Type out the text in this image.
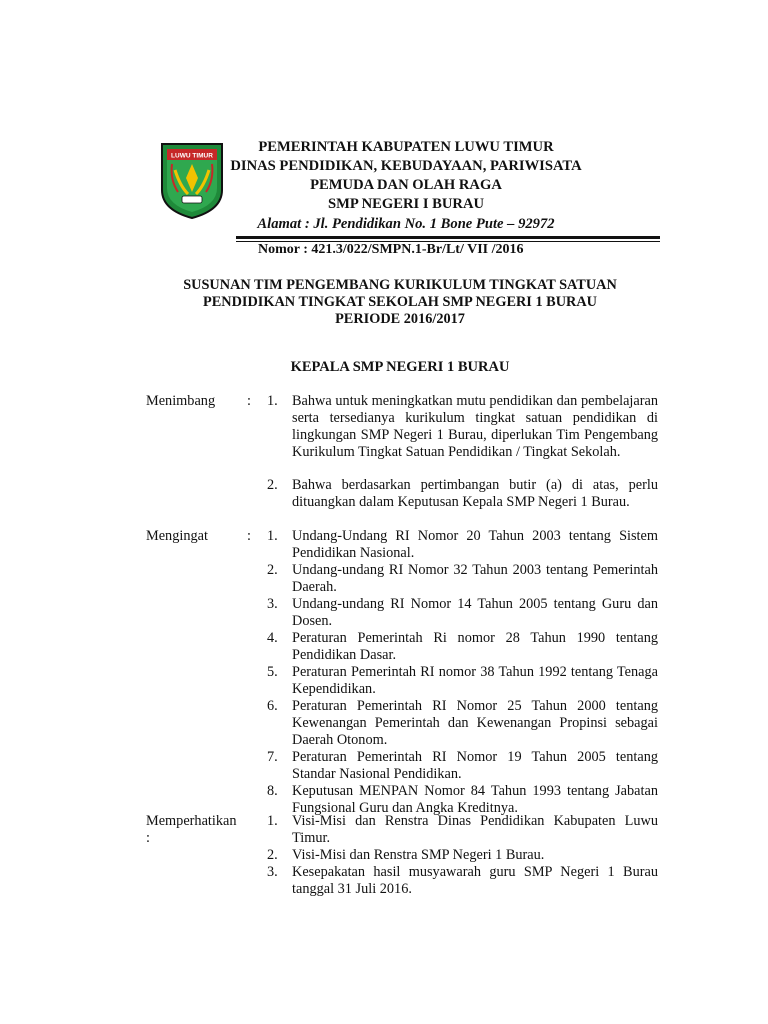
LUWU TIMUR
PEMERINTAH KABUPATEN LUWU TIMUR
DINAS PENDIDIKAN, KEBUDAYAAN, PARIWISATA
PEMUDA DAN OLAH RAGA
SMP NEGERI I BURAU
Alamat : Jl. Pendidikan No. 1 Bone Pute – 92972
Nomor : 421.3/022/SMPN.1-Br/Lt/ VII /2016
SUSUNAN TIM PENGEMBANG KURIKULUM TINGKAT SATUAN
PENDIDIKAN TINGKAT SEKOLAH SMP NEGERI 1 BURAU
PERIODE 2016/2017
KEPALA SMP NEGERI 1 BURAU
Menimbang	: 1. Bahwa untuk meningkatkan mutu pendidikan dan pembelajaran serta tersedianya kurikulum tingkat satuan pendidikan di lingkungan SMP Negeri 1 Burau, diperlukan Tim Pengembang Kurikulum Tingkat Satuan Pendidikan / Tingkat Sekolah.
2. Bahwa berdasarkan pertimbangan butir (a) di atas, perlu dituangkan dalam Keputusan Kepala SMP Negeri 1 Burau.
Mengingat	: 1. Undang-Undang RI Nomor 20 Tahun 2003 tentang Sistem Pendidikan Nasional.
2. Undang-undang RI Nomor 32 Tahun 2003 tentang Pemerintah Daerah.
3. Undang-undang RI Nomor 14 Tahun 2005 tentang Guru dan Dosen.
4. Peraturan Pemerintah Ri nomor 28 Tahun 1990 tentang Pendidikan Dasar.
5. Peraturan Pemerintah RI nomor 38 Tahun 1992 tentang Tenaga Kependidikan.
6. Peraturan Pemerintah RI Nomor 25 Tahun 2000 tentang Kewenangan Pemerintah dan Kewenangan Propinsi sebagai Daerah Otonom.
7. Peraturan Pemerintah RI Nomor 19 Tahun 2005 tentang Standar Nasional Pendidikan.
8. Keputusan MENPAN Nomor 84 Tahun 1993 tentang Jabatan Fungsional Guru dan Angka Kreditnya.
Memperhatikan :
1. Visi-Misi dan Renstra Dinas Pendidikan Kabupaten Luwu Timur.
2. Visi-Misi dan Renstra SMP Negeri 1 Burau.
3. Kesepakatan hasil musyawarah guru SMP Negeri 1 Burau tanggal 31 Juli 2016.
